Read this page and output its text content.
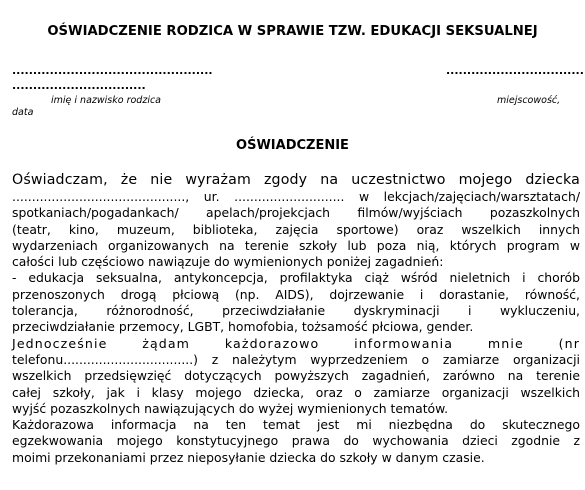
OŚWIADCZENIE RODZICA W SPRAWIE TZW. EDUKACJI SEKSUALNEJ
................................................
................................
.................................
imię i nazwisko rodzica
data
miejscowość,
OŚWIADCZENIE
Oświadczam, że nie wyrażam zgody na uczestnictwo mojego dziecka
............................................, ur. ............................ w lekcjach/zajęciach/warsztatach/
spotkaniach/pogadankach/ apelach/projekcjach filmów/wyjściach pozaszkolnych
(teatr, kino, muzeum, biblioteka, zajęcia sportowe) oraz wszelkich innych
wydarzeniach organizowanych na terenie szkoły lub poza nią, których program w
całości lub częściowo nawiązuje do wymienionych poniżej zagadnień:
- edukacja seksualna, antykoncepcja, profilaktyka ciąż wśród nieletnich i chorób
przenoszonych drogą płciową (np. AIDS), dojrzewanie i dorastanie, równość,
tolerancja, różnorodność, przeciwdziałanie dyskryminacji i wykluczeniu,
przeciwdziałanie przemocy, LGBT, homofobia, tożsamość płciowa, gender.
Jednocześnie żądam każdorazowo informowania mnie (nr
telefonu.................................) z należytym wyprzedzeniem o zamiarze organizacji
wszelkich przedsięwzięć dotyczących powyższych zagadnień, zarówno na terenie
całej szkoły, jak i klasy mojego dziecka, oraz o zamiarze organizacji wszelkich
wyjść pozaszkolnych nawiązujących do wyżej wymienionych tematów.
Każdorazowa informacja na ten temat jest mi niezbędna do skutecznego
egzekwowania mojego konstytucyjnego prawa do wychowania dzieci zgodnie z
moimi przekonaniami przez nieposyłanie dziecka do szkoły w danym czasie.
